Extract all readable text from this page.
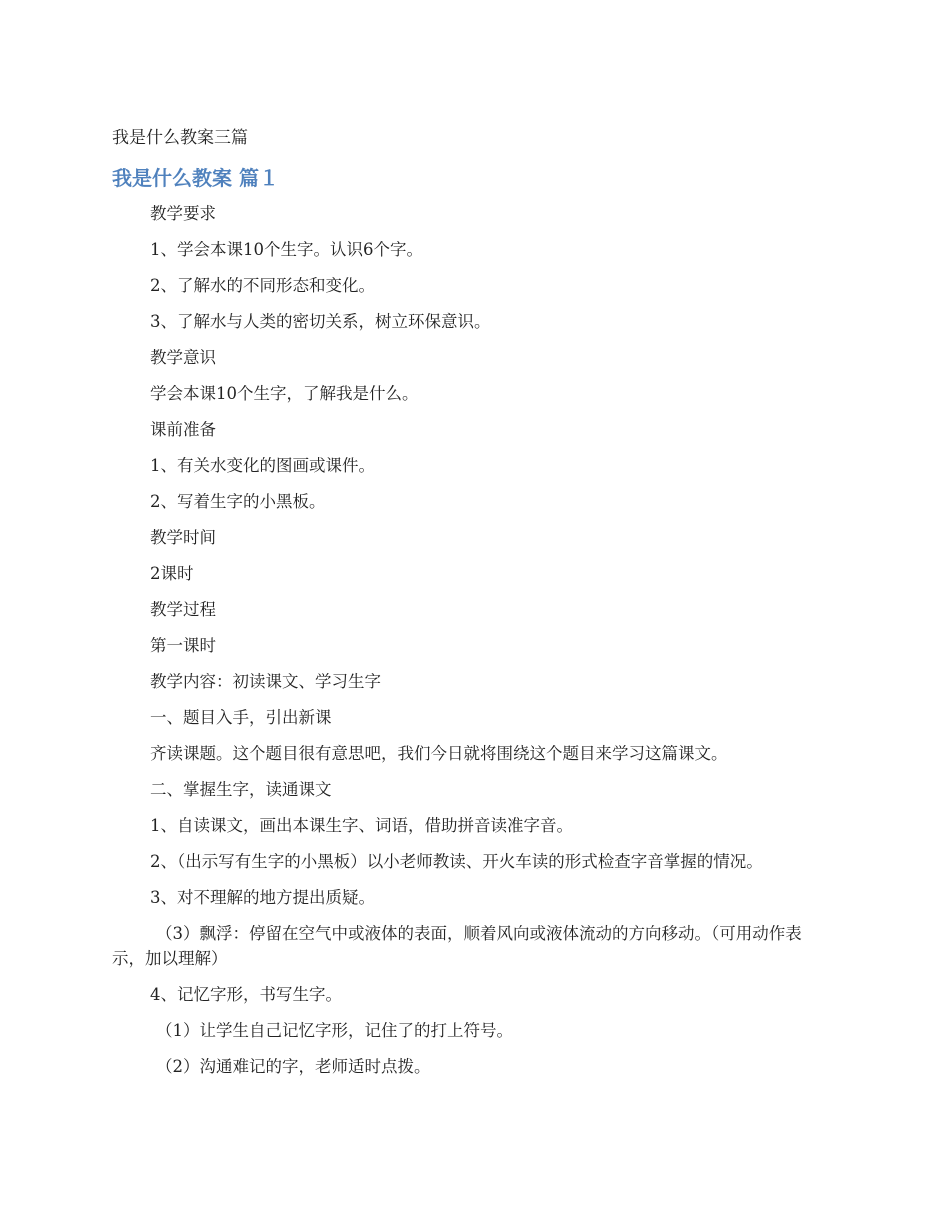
我是什么教案三篇
我是什么教案 篇１

教学要求

1、学会本课10个生字。认识6个字。

2、了解水的不同形态和变化。

3、了解水与人类的密切关系，树立环保意识。

教学意识

学会本课10个生字，了解我是什么。

课前准备

1、有关水变化的图画或课件。

2、写着生字的小黑板。

教学时间

2课时

教学过程

第一课时

教学内容：初读课文、学习生字

一、题目入手，引出新课

齐读课题。这个题目很有意思吧，我们今日就将围绕这个题目来学习这篇课文。

二、掌握生字，读通课文

1、自读课文，画出本课生字、词语，借助拼音读准字音。

2、（出示写有生字的小黑板）以小老师教读、开火车读的形式检查字音掌握的情况。

3、对不理解的地方提出质疑。

（3）飘浮：停留在空气中或液体的表面，顺着风向或液体流动的方向移动。（可用动作表示，加以理解）

4、记忆字形，书写生字。

（1）让学生自己记忆字形，记住了的打上符号。

（2）沟通难记的字，老师适时点拨。
